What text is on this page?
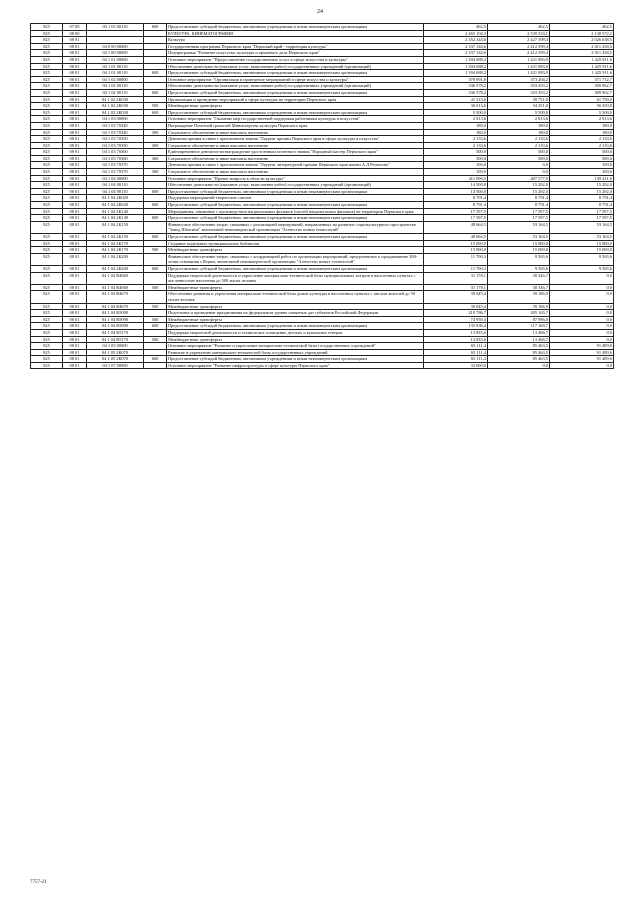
24
825	07 09	03 1 03 00110	600	Предоставление субсидий бюджетным, автономным учреждениям и иным некоммерческим организациям	462,5	462,5	462,5
825	08 00			КУЛЬТУРА, КИНЕМАТОГРАФИЯ	2 465 104,3	2 539 533,1	2 138 572,2
825	08 01			Культура	2 352 344,6	2 427 599,4	2 026 638,5
825	08 01	04 0 00 00000		Государственная программа Пермского края "Пермский край - территория культуры"	2 337 144,6	2 412 399,4	2 011 438,5
825	08 01	04 1 00 00000		Подпрограмма "Развитие искусства, культуры и архивного дела Пермского края"	2 337 144,6	2 412 399,4	2 011 438,5
825	08 01	04 1 01 00000		Основное мероприятие "Предоставление государственных услуг в сфере искусства и культуры"	1 394 688,2	1 421 083,9	1 425 911,6
825	08 01	04 1 01 00110		Обеспечение деятельности (оказание услуг, выполнение работ) государственных учреждений (организаций)	1 394 688,2	1 421 083,9	1 425 911,6
825	08 01	04 1 01 00110	600	Предоставление субсидий бюджетным, автономным учреждениям и иным некоммерческим организациям	1 394 688,2	1 421 083,9	1 425 911,6
825	08 01	04 1 02 00000		Основное мероприятие "Организация и проведение мероприятий в сфере искусства и культуры"	378 091,8	373 204,2	371 712,7
825	08 01	04 1 02 00110		Обеспечение деятельности (оказание услуг, выполнение работ) государственных учреждений (организаций)	336 578,2	333 453,2	309 962,7
825	08 01	04 1 02 00110	600	Предоставление субсидий бюджетным, автономным учреждениям и иным некоммерческим организациям	336 578,2	333 453,2	309 962,7
825	08 01	04 1 02 2К030		Организация и проведение мероприятий в сфере культуры на территории Пермского края	41 513,6	39 751,0	61 750,0
825	08 01	04 1 02 2К030	500	Межбюджетные трансферты	36 013,6	34 251,0	56 250,0
825	08 01	04 1 02 2К030	600	Предоставление субсидий бюджетным, автономным учреждениям и иным некоммерческим организациям	5 500,0	5 500,0	5 500,0
825	08 01	04 1 03 00000		Основное мероприятие "Оказание мер государственной поддержки работникам культуры и искусства"	2 913,6	2 813,6	2 913,6
825	08 01	04 1 03 70340		Награждение Почетной грамотой Министерства культуры Пермского края	180,0	180,0	180,0
825	08 01	04 1 03 70340	300	Социальное обеспечение и иные выплаты населению	180,0	180,0	180,0
825	08 01	04 1 03 70350		Денежная премия в связи с присвоением звания "Лауреат премии Пермского края в сфере культуры и искусства"	2 133,6	2 133,6	2 133,6
825	08 01	04 1 03 70350	300	Социальное обеспечение и иные выплаты населению	2 133,6	2 133,6	2 133,6
825	08 01	04 1 03 70360		Единовременное денежное вознаграждение удостоенным почетного звания "Народный мастер Пермского края"	500,0	500,0	500,0
825	08 01	04 1 03 70360	300	Социальное обеспечение и иные выплаты населению	500,0	500,0	500,0
825	08 01	04 1 03 70370		Денежная премия в связи с присвоением звания "Лауреат литературной премии Пермского края имени А.Л.Решетова"	100,0	0,0	100,0
825	08 01	04 1 03 70370	300	Социальное обеспечение и иные выплаты населению	100,0	0,0	100,0
825	08 01	04 1 04 00000		Основное мероприятие "Прочие вопросы в области культуры"	411 096,5	407 577,0	139 411,0
825	08 01	04 1 04 00110		Обеспечение деятельности (оказание услуг, выполнение работ) государственных учреждений (организаций)	14 500,0	15 292,0	15 292,0
825	08 01	04 1 04 00110	600	Предоставление субсидий бюджетным, автономным учреждениям и иным некоммерческим организациям	14 500,0	15 292,0	15 292,0
825	08 01	04 1 04 2К020		Поддержка мероприятий творческих союзов	8 791,4	8 791,4	8 791,4
825	08 01	04 1 04 2К020	600	Предоставление субсидий бюджетным, автономным учреждениям и иным некоммерческим организациям	8 791,4	8 791,4	8 791,4
825	08 01	04 1 04 2К140		Мероприятия, связанные с производством национальных фильмов (частей национальных фильмов) на территории Пермского края	17 597,5	17 597,5	17 597,5
825	08 01	04 1 04 2К140	600	Предоставление субсидий бюджетным, автономным учреждениям и иным некоммерческим организациям	17 597,5	17 597,5	17 597,5
825	08 01	04 1 04 2К150		Финансовое обеспечение затрат, связанных с реализацией мероприятий, направленных на развитие социокультурного пространства "Завод Шпагина" автономной некоммерческой организации "Агентство новых технологий"	48 664,5	53 164,5	53 164,5
825	08 01	04 1 04 2К150	600	Предоставление субсидий бюджетным, автономным учреждениям и иным некоммерческим организациям	48 664,5	53 164,5	53 164,5
825	08 01	04 1 04 2К170		Создание модельных муниципальных библиотек	15 000,0	15 000,0	15 000,0
825	08 01	04 1 04 2К170	500	Межбюджетные трансферты	15 000,0	15 000,0	15 000,0
825	08 01	04 1 04 2К200		Финансовое обеспечение затрат, связанных с координацией работ по организации мероприятий, приуроченных к празднованию 300-летия основания г.Перми, автономной некоммерческой организации "Агентство новых технологий"	11 700,3	9 565,6	9 565,6
825	08 01	04 1 04 2К200	600	Предоставление субсидий бюджетным, автономным учреждениям и иным некоммерческим организациям	11 700,3	9 565,6	9 565,6
825	08 01	04 1 04 R4660		Поддержка творческой деятельности и укрепление материально-технической базы муниципальных театров в населенных пунктах с численностью населения до 300 тысяч человек	31 178,1	30 346,7	0,0
825	08 01	04 1 04 R4660	500	Межбюджетные трансферты	31 178,1	30 346,7	0,0
825	08 01	04 1 04 R4670		Обеспечение развития и укрепления материально-технической базы домов культуры в населенных пунктах с числом жителей до 50 тысяч человек	39 045,4	39 186,9	0,0
825	08 01	04 1 04 R4670	500	Межбюджетные трансферты	39 045,4	39 186,9	0,0
825	08 01	04 1 04 R5090		Подготовка и проведение празднования на федеральном уровне памятных дат субъектов Российской Федерации	210 786,7	205 165,7	0,0
825	08 01	04 1 04 R5090	500	Межбюджетные трансферты	74 950,3	87 996,0	0,0
825	08 01	04 1 04 R5090	600	Предоставление субсидий бюджетным, автономным учреждениям и иным некоммерческим организациям	135 836,4	117 169,7	0,0
825	08 01	04 1 04 R5170		Поддержка творческой деятельности и техническое оснащение детских и кукольных театров	13 835,6	13 466,7	0,0
825	08 01	04 1 04 R5170	500	Межбюджетные трансферты	13 835,6	13 466,7	0,0
825	08 01	04 1 05 00000		Основное мероприятие "Развитие и укрепление материально-технической базы государственных учреждений"	65 111,4	85 463,5	91 489,6
825	08 01	04 1 05 2К070		Развитие и укрепление материально-технической базы государственных учреждений	65 111,4	85 463,5	91 489,6
825	08 01	04 1 05 2К070	600	Предоставление субсидий бюджетным, автономным учреждениям и иным некоммерческим организациям	65 111,4	85 463,5	91 489,6
825	08 01	04 1 07 00000		Основное мероприятие "Развитие инфраструктуры в сфере культуры Пермского края"	33 000,0	0,0	0,0
7757-21
